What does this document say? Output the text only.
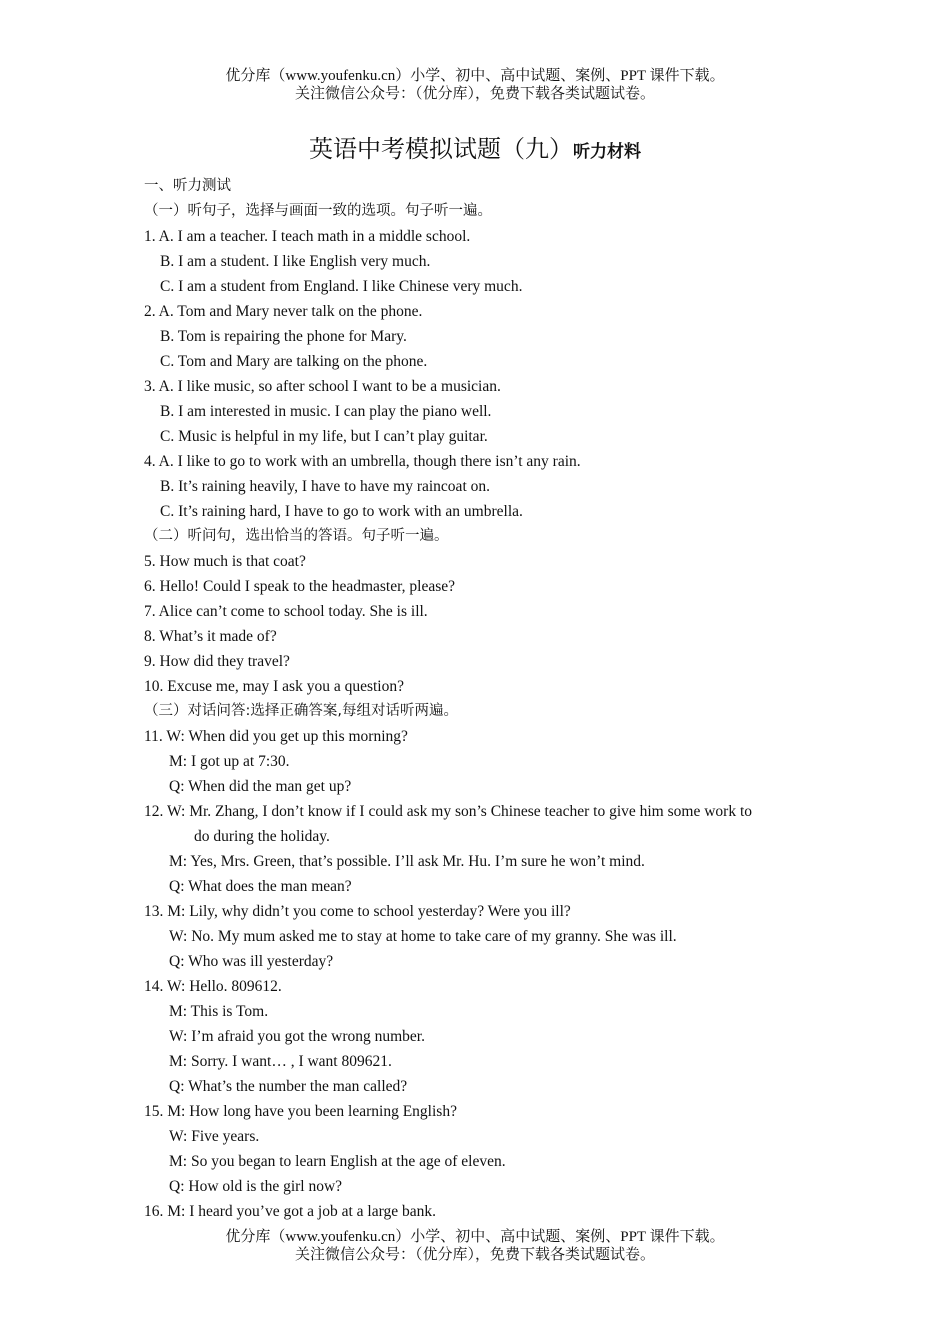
优分库（www.youfenku.cn）小学、初中、高中试题、案例、PPT 课件下载。
关注微信公众号：（优分库），免费下载各类试题试卷。
英语中考模拟试题（九）听力材料
一、听力测试
（一）听句子，选择与画面一致的选项。句子听一遍。
1. A. I am a teacher. I teach math in a middle school.
B. I am a student. I like English very much.
C. I am a student from England. I like Chinese very much.
2. A. Tom and Mary never talk on the phone.
B. Tom is repairing the phone for Mary.
C. Tom and Mary are talking on the phone.
3. A. I like music, so after school I want to be a musician.
B. I am interested in music. I can play the piano well.
C. Music is helpful in my life, but I can’t play guitar.
4. A. I like to go to work with an umbrella, though there isn’t any rain.
B. It’s raining heavily, I have to have my raincoat on.
C. It’s raining hard, I have to go to work with an umbrella.
（二）听问句，选出恰当的答语。句子听一遍。
5. How much is that coat?
6. Hello! Could I speak to the headmaster, please?
7. Alice can’t come to school today. She is ill.
8. What’s it made of?
9. How did they travel?
10. Excuse me, may I ask you a question?
（三）对话问答:选择正确答案,每组对话听两遍。
11. W: When did you get up this morning?
M: I got up at 7:30.
Q: When did the man get up?
12. W: Mr. Zhang, I don’t know if I could ask my son’s Chinese teacher to give him some work to
do during the holiday.
M: Yes, Mrs. Green, that’s possible. I’ll ask Mr. Hu. I’m sure he won’t mind.
Q: What does the man mean?
13. M: Lily, why didn’t you come to school yesterday? Were you ill?
W: No. My mum asked me to stay at home to take care of my granny. She was ill.
Q: Who was ill yesterday?
14. W: Hello. 809612.
M: This is Tom.
W: I’m afraid you got the wrong number.
M: Sorry. I want… , I want 809621.
Q: What’s the number the man called?
15. M: How long have you been learning English?
W: Five years.
M: So you began to learn English at the age of eleven.
Q: How old is the girl now?
16. M: I heard you’ve got a job at a large bank.
优分库（www.youfenku.cn）小学、初中、高中试题、案例、PPT 课件下载。
关注微信公众号：（优分库），免费下载各类试题试卷。
